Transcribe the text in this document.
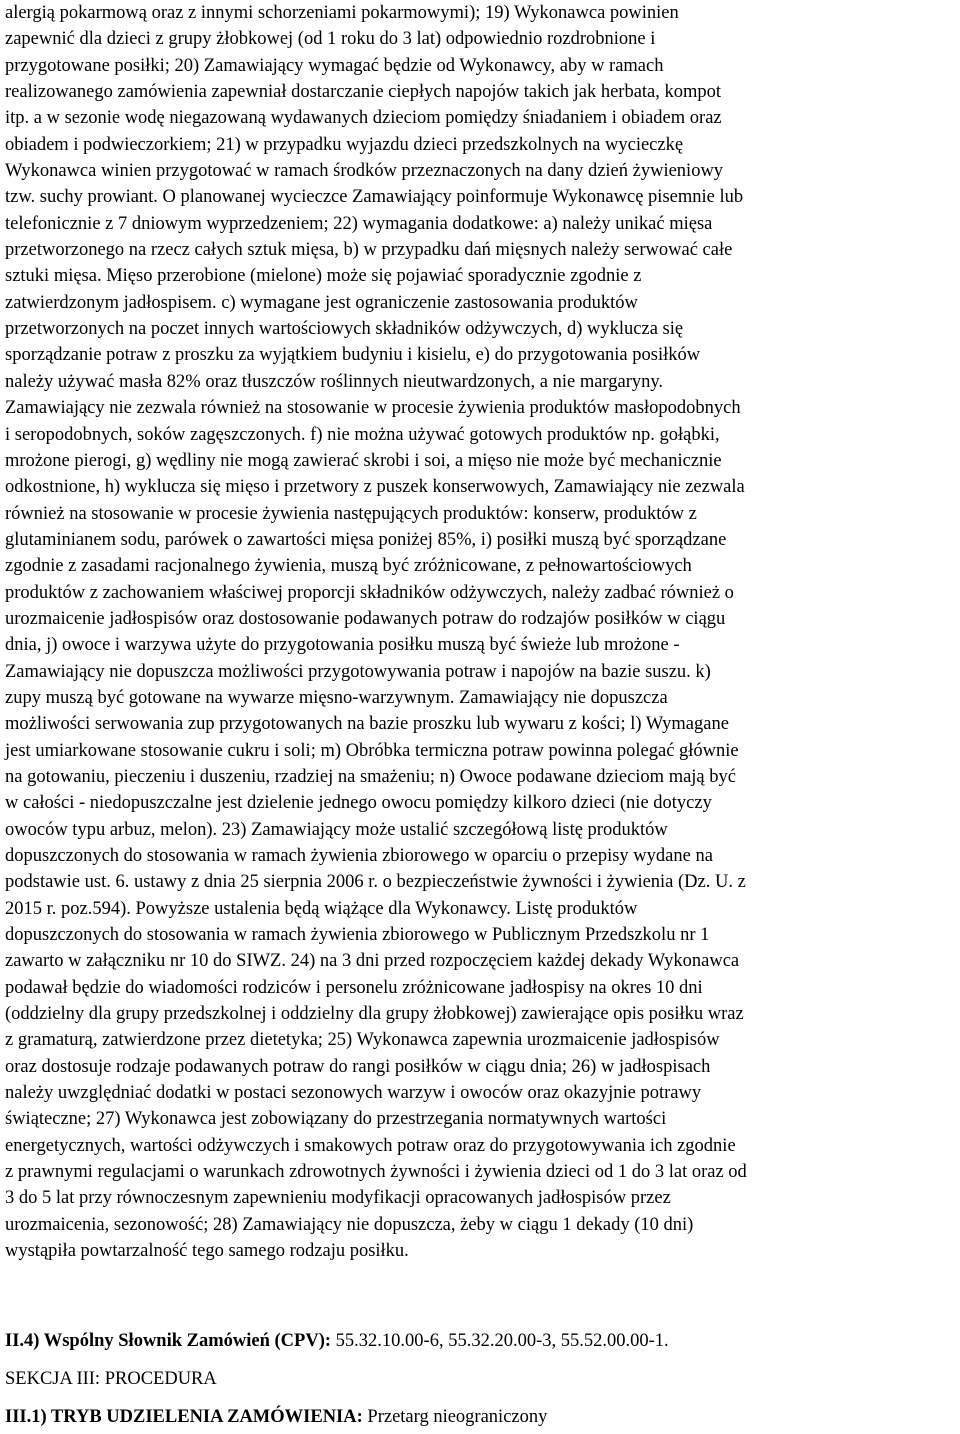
alergią pokarmową oraz z innymi schorzeniami pokarmowymi); 19) Wykonawca powinien
zapewnić dla dzieci z grupy żłobkowej (od 1 roku do 3 lat) odpowiednio rozdrobnione i
przygotowane posiłki; 20) Zamawiający wymagać będzie od Wykonawcy, aby w ramach
realizowanego zamówienia zapewniał dostarczanie ciepłych napojów takich jak herbata, kompot
itp. a w sezonie wodę niegazowaną wydawanych dzieciom pomiędzy śniadaniem i obiadem oraz
obiadem i podwieczorkiem; 21) w przypadku wyjazdu dzieci przedszkolnych na wycieczkę
Wykonawca winien przygotować w ramach środków przeznaczonych na dany dzień żywieniowy
tzw. suchy prowiant. O planowanej wycieczce Zamawiający poinformuje Wykonawcę pisemnie lub
telefonicznie z 7 dniowym wyprzedzeniem; 22) wymagania dodatkowe: a) należy unikać mięsa
przetworzonego na rzecz całych sztuk mięsa, b) w przypadku dań mięsnych należy serwować całe
sztuki mięsa. Mięso przerobione (mielone) może się pojawiać sporadycznie zgodnie z
zatwierdzonym jadłospisem. c) wymagane jest ograniczenie zastosowania produktów
przetworzonych na poczet innych wartościowych składników odżywczych, d) wyklucza się
sporządzanie potraw z proszku za wyjątkiem budyniu i kisielu, e) do przygotowania posiłków
należy używać masła 82% oraz tłuszczów roślinnych nieutwardzonych, a nie margaryny.
Zamawiający nie zezwala również na stosowanie w procesie żywienia produktów masłopodobnych
i seropodobnych, soków zagęszczonych. f) nie można używać gotowych produktów np. gołąbki,
mrożone pierogi, g) wędliny nie mogą zawierać skrobi i soi, a mięso nie może być mechanicznie
odkostnione, h) wyklucza się mięso i przetwory z puszek konserwowych, Zamawiający nie zezwala
również na stosowanie w procesie żywienia następujących produktów: konserw, produktów z
glutaminianem sodu, parówek o zawartości mięsa poniżej 85%, i) posiłki muszą być sporządzane
zgodnie z zasadami racjonalnego żywienia, muszą być zróżnicowane, z pełnowartościowych
produktów z zachowaniem właściwej proporcji składników odżywczych, należy zadbać również o
urozmaicenie jadłospisów oraz dostosowanie podawanych potraw do rodzajów posiłków w ciągu
dnia, j) owoce i warzywa użyte do przygotowania posiłku muszą być świeże lub mrożone -
Zamawiający nie dopuszcza możliwości przygotowywania potraw i napojów na bazie suszu. k)
zupy muszą być gotowane na wywarze mięsno-warzywnym. Zamawiający nie dopuszcza
możliwości serwowania zup przygotowanych na bazie proszku lub wywaru z kości; l) Wymagane
jest umiarkowane stosowanie cukru i soli; m) Obróbka termiczna potraw powinna polegać głównie
na gotowaniu, pieczeniu i duszeniu, rzadziej na smażeniu; n) Owoce podawane dzieciom mają być
w całości - niedopuszczalne jest dzielenie jednego owocu pomiędzy kilkoro dzieci (nie dotyczy
owoców typu arbuz, melon). 23) Zamawiający może ustalić szczegółową listę produktów
dopuszczonych do stosowania w ramach żywienia zbiorowego w oparciu o przepisy wydane na
podstawie ust. 6. ustawy z dnia 25 sierpnia 2006 r. o bezpieczeństwie żywności i żywienia (Dz. U. z
2015 r. poz.594). Powyższe ustalenia będą wiążące dla Wykonawcy. Listę produktów
dopuszczonych do stosowania w ramach żywienia zbiorowego w Publicznym Przedszkolu nr 1
zawarto w załączniku nr 10 do SIWZ. 24) na 3 dni przed rozpoczęciem każdej dekady Wykonawca
podawał będzie do wiadomości rodziców i personelu zróżnicowane jadłospisy na okres 10 dni
(oddzielny dla grupy przedszkolnej i oddzielny dla grupy żłobkowej) zawierające opis posiłku wraz
z gramaturą, zatwierdzone przez dietetyka; 25) Wykonawca zapewnia urozmaicenie jadłospisów
oraz dostosuje rodzaje podawanych potraw do rangi posiłków w ciągu dnia; 26) w jadłospisach
należy uwzględniać dodatki w postaci sezonowych warzyw i owoców oraz okazyjnie potrawy
świąteczne; 27) Wykonawca jest zobowiązany do przestrzegania normatywnych wartości
energetycznych, wartości odżywczych i smakowych potraw oraz do przygotowywania ich zgodnie
z prawnymi regulacjami o warunkach zdrowotnych żywności i żywienia dzieci od 1 do 3 lat oraz od
3 do 5 lat przy równoczesnym zapewnieniu modyfikacji opracowanych jadłospisów przez
urozmaicenia, sezonowość; 28) Zamawiający nie dopuszcza, żeby w ciągu 1 dekady (10 dni)
wystąpiła powtarzalność tego samego rodzaju posiłku.

II.4) Wspólny Słownik Zamówień (CPV): 55.32.10.00-6, 55.32.20.00-3, 55.52.00.00-1.

SEKCJA III: PROCEDURA

III.1) TRYB UDZIELENIA ZAMÓWIENIA: Przetarg nieograniczony
